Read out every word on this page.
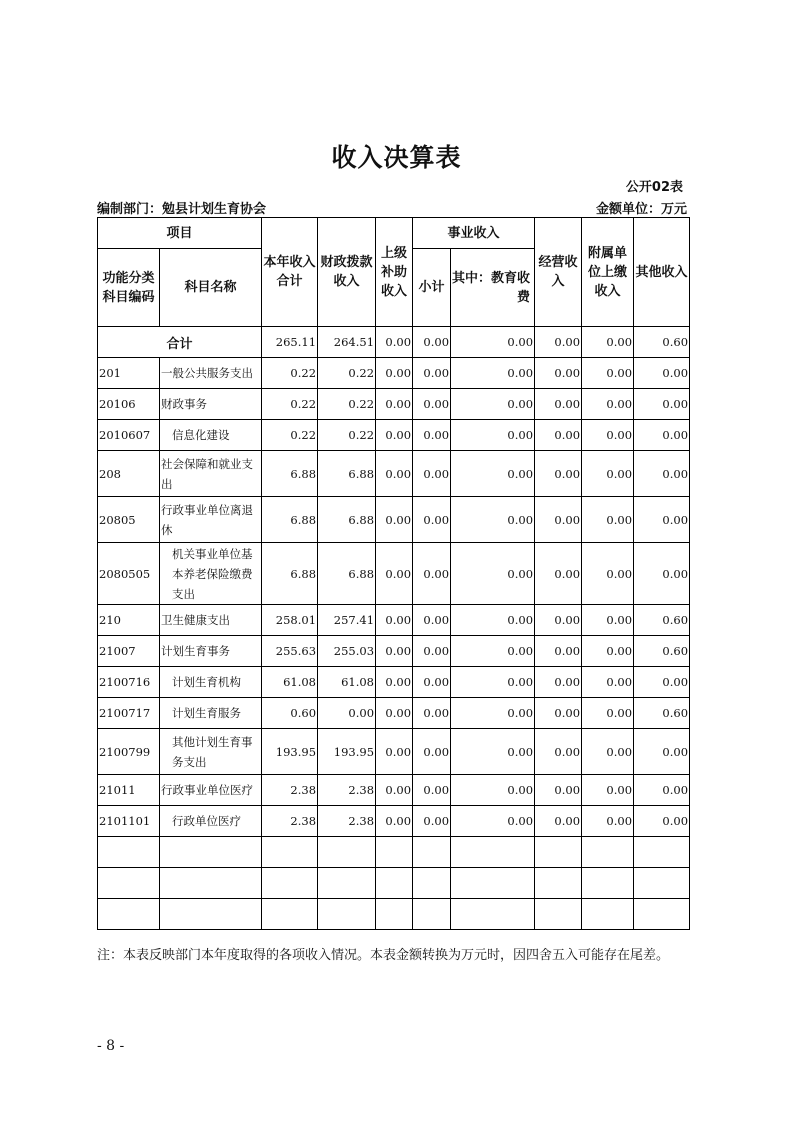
收入决算表
公开02表
编制部门：勉县计划生育协会	金额单位：万元
项目		本年收入合计	财政拨款收入	上级补助收入	事业收入		经营收入	附属单位上缴收入	其他收入
功能分类科目编码	科目名称				小计	其中：教育收费			
合计		265.11	264.51	0.00	0.00	0.00	0.00	0.00	0.60
201	一般公共服务支出	0.22	0.22	0.00	0.00	0.00	0.00	0.00	0.00
20106	财政事务	0.22	0.22	0.00	0.00	0.00	0.00	0.00	0.00
2010607	信息化建设	0.22	0.22	0.00	0.00	0.00	0.00	0.00	0.00
208	社会保障和就业支出	6.88	6.88	0.00	0.00	0.00	0.00	0.00	0.00
20805	行政事业单位离退休	6.88	6.88	0.00	0.00	0.00	0.00	0.00	0.00
2080505	机关事业单位基本养老保险缴费支出	6.88	6.88	0.00	0.00	0.00	0.00	0.00	0.00
210	卫生健康支出	258.01	257.41	0.00	0.00	0.00	0.00	0.00	0.60
21007	计划生育事务	255.63	255.03	0.00	0.00	0.00	0.00	0.00	0.60
2100716	计划生育机构	61.08	61.08	0.00	0.00	0.00	0.00	0.00	0.00
2100717	计划生育服务	0.60	0.00	0.00	0.00	0.00	0.00	0.00	0.60
2100799	其他计划生育事务支出	193.95	193.95	0.00	0.00	0.00	0.00	0.00	0.00
21011	行政事业单位医疗	2.38	2.38	0.00	0.00	0.00	0.00	0.00	0.00
2101101	行政单位医疗	2.38	2.38	0.00	0.00	0.00	0.00	0.00	0.00

注：本表反映部门本年度取得的各项收入情况。本表金额转换为万元时，因四舍五入可能存在尾差。
- 8 -
